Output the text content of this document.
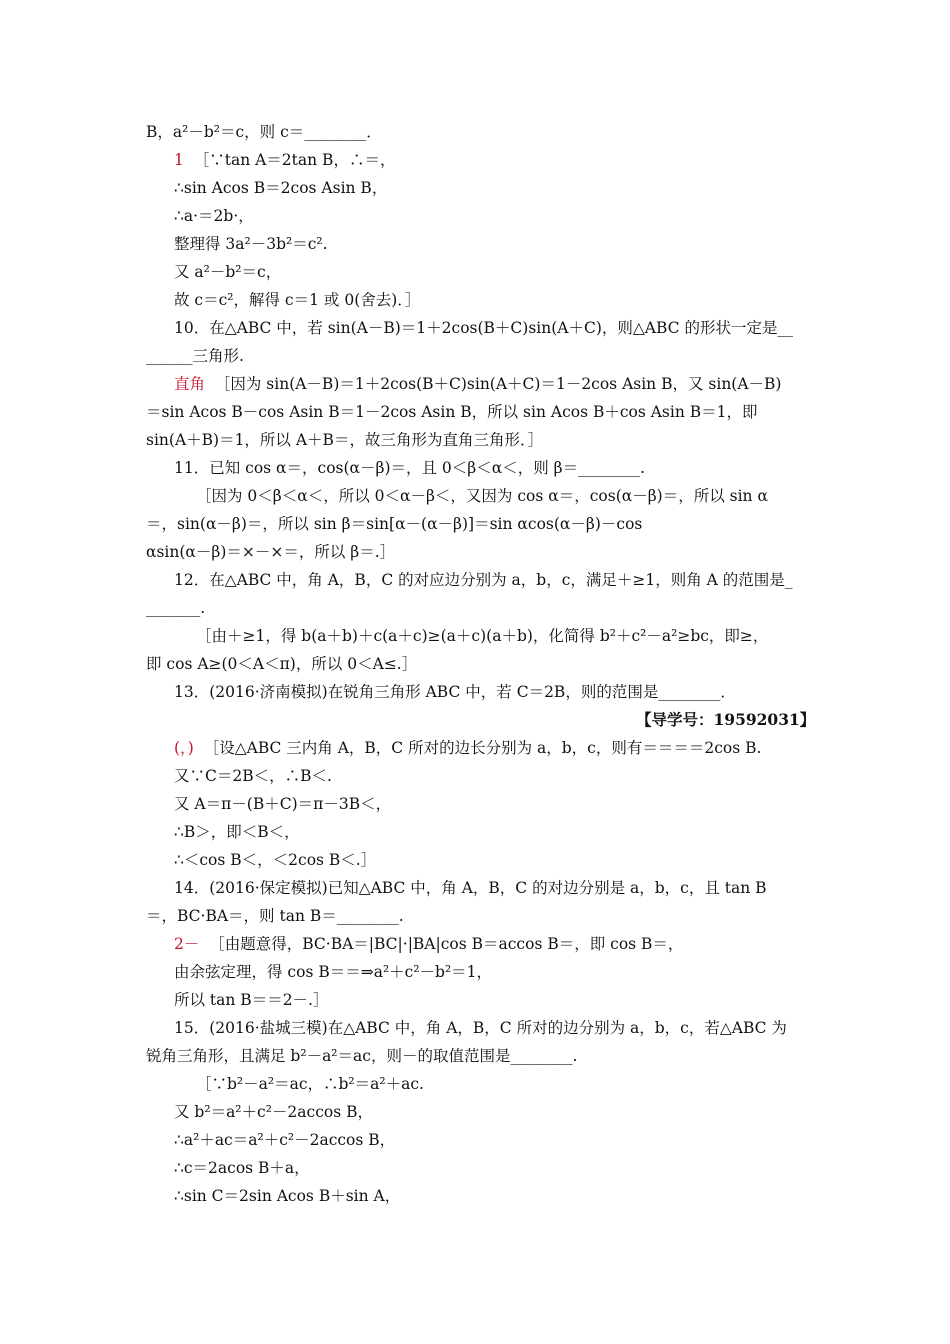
B，a²－b²＝c，则 c＝________．
1 ［∵tan A＝2tan B，∴＝，
∴sin Acos B＝2cos Asin B，
∴a·＝2b·，
整理得 3a²－3b²＝c².
又 a²－b²＝c，
故 c＝c²，解得 c＝1 或 0(舍去)．］
10．在△ABC 中，若 sin(A－B)＝1＋2cos(B＋C)sin(A＋C)，则△ABC 的形状一定是__
______三角形.
直角 ［因为 sin(A－B)＝1＋2cos(B＋C)sin(A＋C)＝1－2cos Asin B，又 sin(A－B)
＝sin Acos B－cos Asin B＝1－2cos Asin B，所以 sin Acos B＋cos Asin B＝1，即
sin(A＋B)＝1，所以 A＋B＝，故三角形为直角三角形．］
11．已知 cos α＝，cos(α－β)＝，且 0＜β＜α＜，则 β＝________.
［因为 0＜β＜α＜，所以 0＜α－β＜，又因为 cos α＝，cos(α－β)＝，所以 sin α
＝，sin(α－β)＝，所以 sin β＝sin[α－(α－β)]＝sin αcos(α－β)－cos
αsin(α－β)＝×－×＝，所以 β＝.］
12．在△ABC 中，角 A，B，C 的对应边分别为 a，b，c，满足＋≥1，则角 A 的范围是_
_______.
［由＋≥1，得 b(a＋b)＋c(a＋c)≥(a＋c)(a＋b)，化简得 b²＋c²－a²≥bc，即≥，
即 cos A≥(0＜A＜π)，所以 0＜A≤.］
13．(2016·济南模拟)在锐角三角形 ABC 中，若 C＝2B，则的范围是________．
【导学号：19592031】
(，) ［设△ABC 三内角 A，B，C 所对的边长分别为 a，b，c，则有＝＝＝＝2cos B.
又∵C＝2B＜，∴B＜.
又 A＝π－(B＋C)＝π－3B＜，
∴B＞，即＜B＜，
∴＜cos B＜，＜2cos B＜.］
14．(2016·保定模拟)已知△ABC 中，角 A，B，C 的对边分别是 a，b，c，且 tan B
＝，BC·BA＝，则 tan B＝________.
2－ ［由题意得，BC·BA＝|BC|·|BA|cos B＝accos B＝，即 cos B＝，
由余弦定理，得 cos B＝＝⇒a²＋c²－b²＝1，
所以 tan B＝＝2－.］
15．(2016·盐城三模)在△ABC 中，角 A，B，C 所对的边分别为 a，b，c，若△ABC 为
锐角三角形，且满足 b²－a²＝ac，则－的取值范围是________.
［∵b²－a²＝ac，∴b²＝a²＋ac.
又 b²＝a²＋c²－2accos B，
∴a²＋ac＝a²＋c²－2accos B，
∴c＝2acos B＋a，
∴sin C＝2sin Acos B＋sin A，
